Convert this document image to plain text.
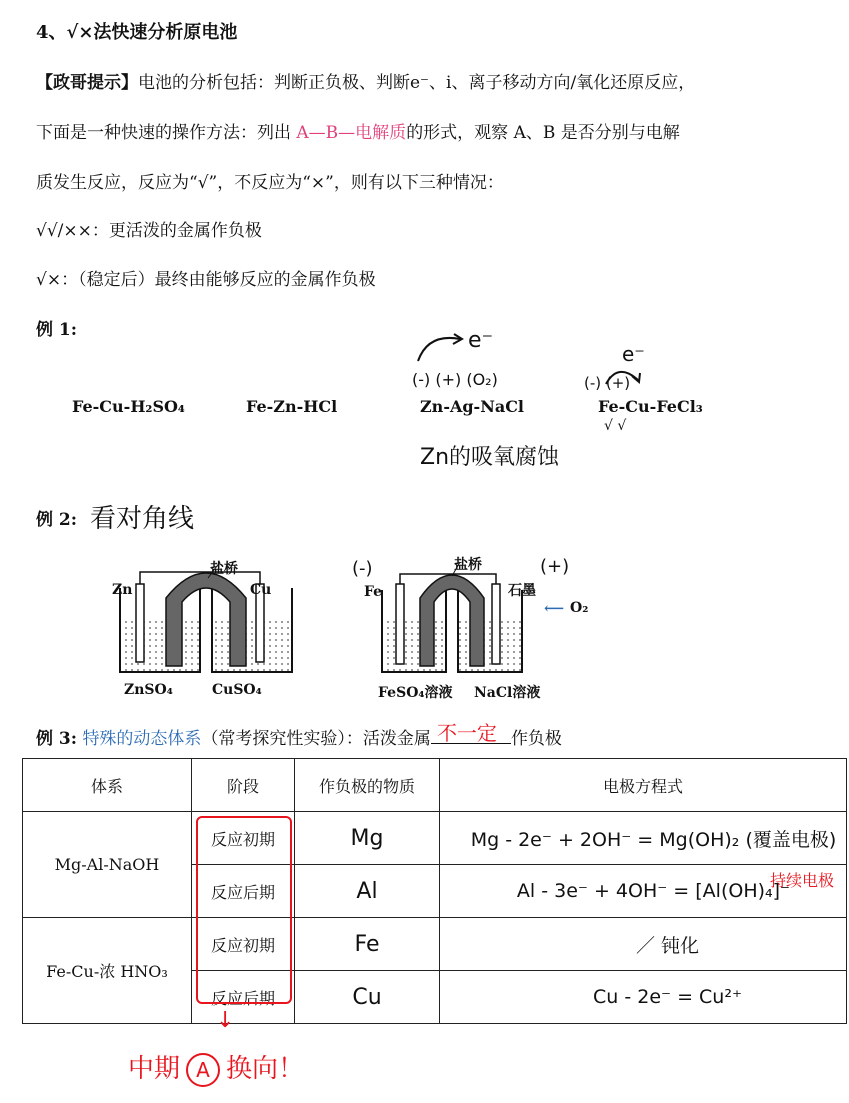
4、√×法快速分析原电池
【政哥提示】电池的分析包括：判断正负极、判断e⁻、i、离子移动方向/氧化还原反应，
下面是一种快速的操作方法：列出 A—B—电解质的形式，观察 A、B 是否分别与电解
质发生反应，反应为“√”，不反应为“×”，则有以下三种情况：
√√/××：更活泼的金属作负极
√×：（稳定后）最终由能够反应的金属作负极
例 1:
Fe-Cu-H₂SO₄	Fe-Zn-HCl	Zn-Ag-NaCl	Fe-Cu-FeCl₃
e⁻
(-) (+) (O₂)
Zn的吸氧腐蚀
e⁻
(-) (+)
√ √
例 2: 看对角线
盐桥
Zn	Cu
ZnSO₄	CuSO₄
盐桥
Fe	石墨
⟵ O₂
FeSO₄溶液 NaCl溶液
(-)	(+)
例 3: 特殊的动态体系（常考探究性实验）：活泼金属 不一定 作负极
体系	阶段	作负极的物质	电极方程式
Mg-Al-NaOH	反应初期	Mg	Mg - 2e⁻ + 2OH⁻ = Mg(OH)₂ (覆盖电极)
	反应后期	Al	Al - 3e⁻ + 4OH⁻ = [Al(OH)₄]⁻
Fe-Cu-浓 HNO₃	反应初期	Fe	／ 钝化
	反应后期	Cu	Cu - 2e⁻ = Cu²⁺
持续电极
↓
中期 A 换向！
